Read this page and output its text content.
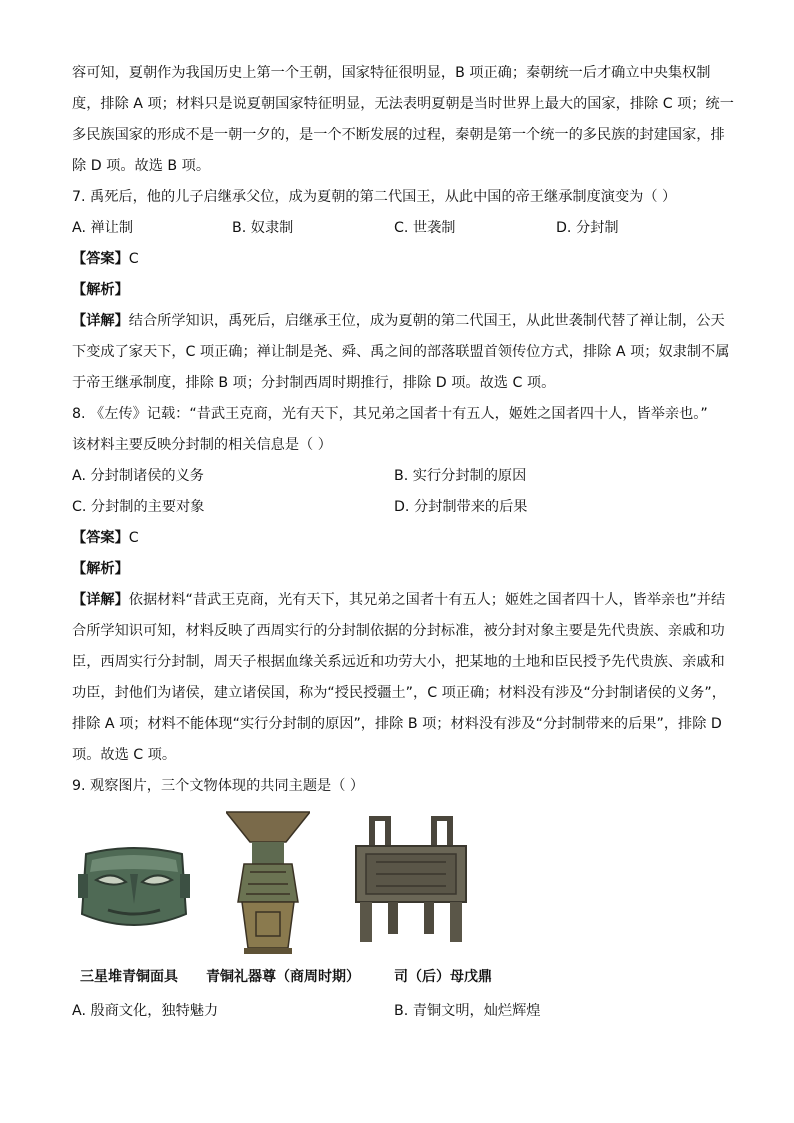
容可知，夏朝作为我国历史上第一个王朝，国家特征很明显，B 项正确；秦朝统一后才确立中央集权制
度，排除 A 项；材料只是说夏朝国家特征明显，无法表明夏朝是当时世界上最大的国家，排除 C 项；统一
多民族国家的形成不是一朝一夕的，是一个不断发展的过程，秦朝是第一个统一的多民族的封建国家，排
除 D 项。故选 B 项。
7. 禹死后，他的儿子启继承父位，成为夏朝的第二代国王，从此中国的帝王继承制度演变为（ ）
A. 禅让制	B. 奴隶制	C. 世袭制	D. 分封制
【答案】C
【解析】
【详解】结合所学知识，禹死后，启继承王位，成为夏朝的第二代国王，从此世袭制代替了禅让制，公天
下变成了家天下，C 项正确；禅让制是尧、舜、禹之间的部落联盟首领传位方式，排除 A 项；奴隶制不属
于帝王继承制度，排除 B 项；分封制西周时期推行，排除 D 项。故选 C 项。
8. 《左传》记载：“昔武王克商，光有天下，其兄弟之国者十有五人，姬姓之国者四十人，皆举亲也。”
该材料主要反映分封制的相关信息是（ ）
A. 分封制诸侯的义务	B. 实行分封制的原因
C. 分封制的主要对象	D. 分封制带来的后果
【答案】C
【解析】
【详解】依据材料“昔武王克商，光有天下，其兄弟之国者十有五人；姬姓之国者四十人，皆举亲也”并结
合所学知识可知，材料反映了西周实行的分封制依据的分封标准，被分封对象主要是先代贵族、亲戚和功
臣，西周实行分封制，周天子根据血缘关系远近和功劳大小，把某地的土地和臣民授予先代贵族、亲戚和
功臣，封他们为诸侯，建立诸侯国，称为“授民授疆土”，C 项正确；材料没有涉及“分封制诸侯的义务”，
排除 A 项；材料不能体现“实行分封制的原因”，排除 B 项；材料没有涉及“分封制带来的后果”，排除 D
项。故选 C 项。
9. 观察图片，三个文物体现的共同主题是（ ）
三星堆青铜面具 青铜礼器尊（商周时期） 司（后）母戊鼎
A. 殷商文化，独特魅力	B. 青铜文明，灿烂辉煌
